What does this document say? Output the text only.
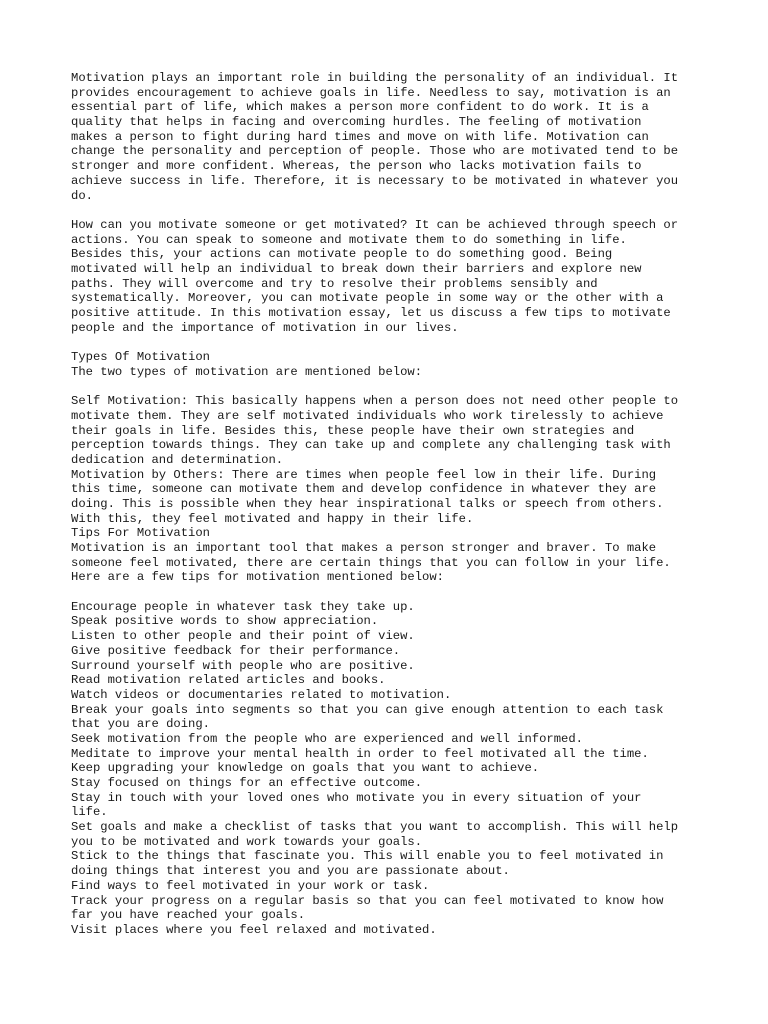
Motivation plays an important role in building the personality of an individual. It
provides encouragement to achieve goals in life. Needless to say, motivation is an
essential part of life, which makes a person more confident to do work. It is a
quality that helps in facing and overcoming hurdles. The feeling of motivation
makes a person to fight during hard times and move on with life. Motivation can
change the personality and perception of people. Those who are motivated tend to be
stronger and more confident. Whereas, the person who lacks motivation fails to
achieve success in life. Therefore, it is necessary to be motivated in whatever you
do.
How can you motivate someone or get motivated? It can be achieved through speech or
actions. You can speak to someone and motivate them to do something in life.
Besides this, your actions can motivate people to do something good. Being
motivated will help an individual to break down their barriers and explore new
paths. They will overcome and try to resolve their problems sensibly and
systematically. Moreover, you can motivate people in some way or the other with a
positive attitude. In this motivation essay, let us discuss a few tips to motivate
people and the importance of motivation in our lives.
Types Of Motivation
The two types of motivation are mentioned below:
Self Motivation: This basically happens when a person does not need other people to
motivate them. They are self motivated individuals who work tirelessly to achieve
their goals in life. Besides this, these people have their own strategies and
perception towards things. They can take up and complete any challenging task with
dedication and determination.
Motivation by Others: There are times when people feel low in their life. During
this time, someone can motivate them and develop confidence in whatever they are
doing. This is possible when they hear inspirational talks or speech from others.
With this, they feel motivated and happy in their life.
Tips For Motivation
Motivation is an important tool that makes a person stronger and braver. To make
someone feel motivated, there are certain things that you can follow in your life.
Here are a few tips for motivation mentioned below:
Encourage people in whatever task they take up.
Speak positive words to show appreciation.
Listen to other people and their point of view.
Give positive feedback for their performance.
Surround yourself with people who are positive.
Read motivation related articles and books.
Watch videos or documentaries related to motivation.
Break your goals into segments so that you can give enough attention to each task
that you are doing.
Seek motivation from the people who are experienced and well informed.
Meditate to improve your mental health in order to feel motivated all the time.
Keep upgrading your knowledge on goals that you want to achieve.
Stay focused on things for an effective outcome.
Stay in touch with your loved ones who motivate you in every situation of your
life.
Set goals and make a checklist of tasks that you want to accomplish. This will help
you to be motivated and work towards your goals.
Stick to the things that fascinate you. This will enable you to feel motivated in
doing things that interest you and you are passionate about.
Find ways to feel motivated in your work or task.
Track your progress on a regular basis so that you can feel motivated to know how
far you have reached your goals.
Visit places where you feel relaxed and motivated.
